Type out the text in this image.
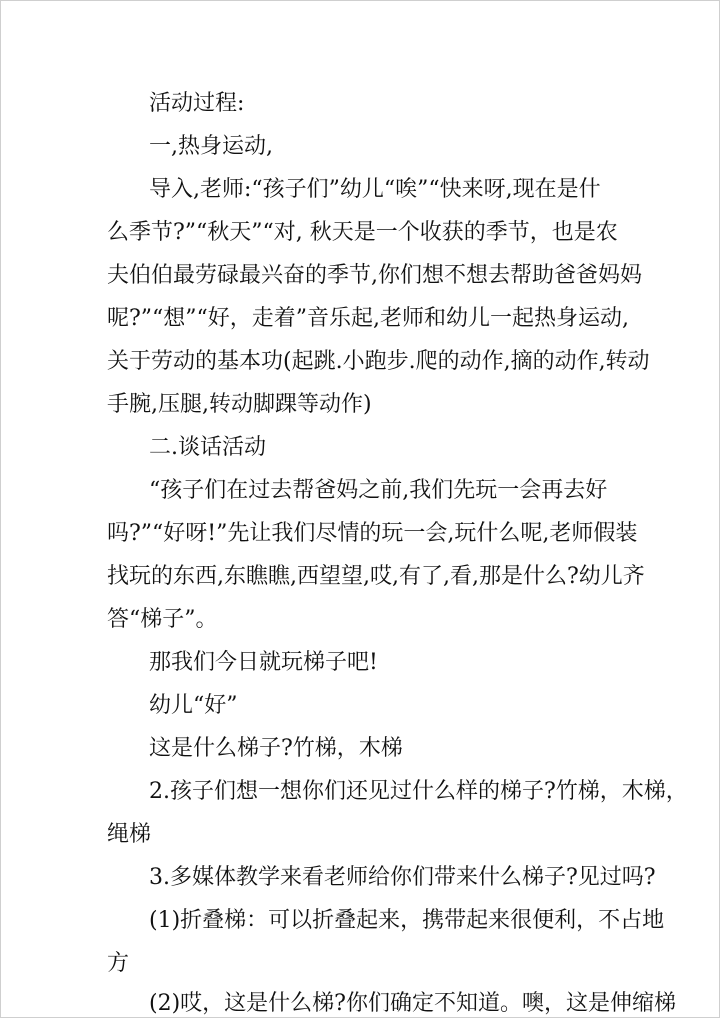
活动过程:

一,热身运动,

导入,老师:“孩子们”幼儿“唉”“快来呀,现在是什

么季节?”“秋天”“对, 秋天是一个收获的季节，也是农

夫伯伯最劳碌最兴奋的季节,你们想不想去帮助爸爸妈妈

呢?”“想”“好，走着”音乐起,老师和幼儿一起热身运动,

关于劳动的基本功(起跳.小跑步.爬的动作,摘的动作,转动

手腕,压腿,转动脚踝等动作)

二.谈话活动

“孩子们在过去帮爸妈之前,我们先玩一会再去好

吗?”“好呀!”先让我们尽情的玩一会,玩什么呢,老师假装

找玩的东西,东瞧瞧,西望望,哎,有了,看,那是什么?幼儿齐

答“梯子”。

那我们今日就玩梯子吧!

幼儿“好”

这是什么梯子?竹梯，木梯

2.孩子们想一想你们还见过什么样的梯子?竹梯，木梯，

绳梯

3.多媒体教学来看老师给你们带来什么梯子?见过吗?

(1)折叠梯：可以折叠起来，携带起来很便利，不占地

方

(2)哎，这是什么梯?你们确定不知道。噢，这是伸缩梯
